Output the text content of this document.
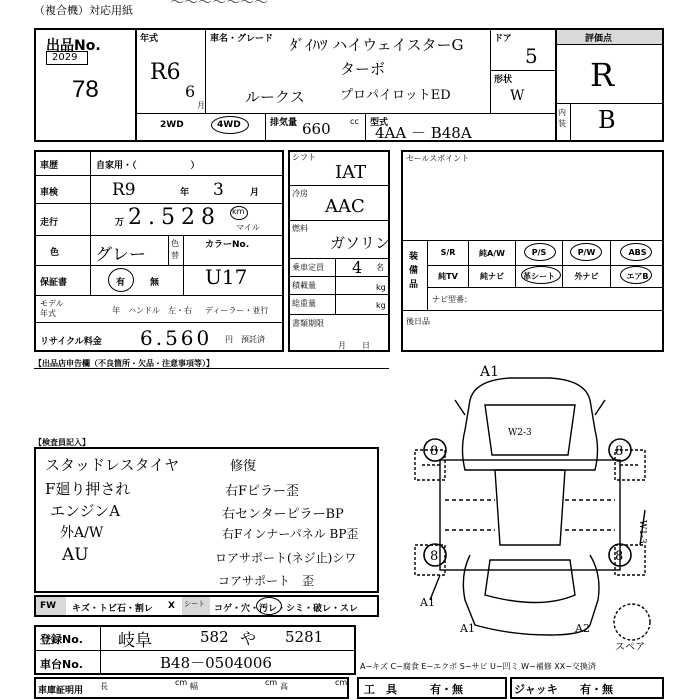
（複合機）対応用紙	〜〜〜〜〜〜〜
出品No.
2029
78
年式
R6
6
月
車名・グレード ﾀﾞｲﾊﾂ ハイウェイスターG
ターボ
ルークス	プロパイロットED
ドア
5
形状
W
2WD	4WD	排気量 660 cc 型式
4AA － B48A
評価点
R
内装 B
車歴	自家用・（　　　　　　）
車検	R9	年 3	月
走行	万 2.528 km
マイル
色 グレー
色替
カラーNo.
U17
保証書	有	無
モデル年式	年　ハンドル　左・右 ディーラー・並行
リサイクル料金 6.560 円　預託済
シフト
IAT
冷房
AAC
燃料
ガソリン
乗車定員 4 名
積載量	kg
総重量	kg
書類期限
月　　日
セールスポイント
装備品
S/R	純A/W	P/S	P/W	ABS
純TV	純ナビ	革シート	外ナビ	エアB
ナビ型番：
後日品
【出品店申告欄（不良箇所・欠品・注意事項等）】
【検査員記入】
スタッドレスタイヤ
F廻り押され
エンジンA
外A/W
AU
修復
右Fピラー歪
右センターピラーBP
右Fインナーパネル BP歪
ロアサポート(ネジ止)シワ
コアサポート　歪
FW キズ・トビ石・割レ X シート	コゲ・穴・汚レ・シミ・破レ・スレ
登録No. 岐阜	582 や 5281
車台No.	B48－0504006	A−キズ C−腐食 E−エクボ S−サビ U−凹ミ W−補修 XX−交換済
車庫証明用 長	cm 幅	cm 高	cm
工　具	有・無	ジャッキ 有・無
A1
W2-3
8	8
8	8
A1
A1	A2
W1-3
スペア
